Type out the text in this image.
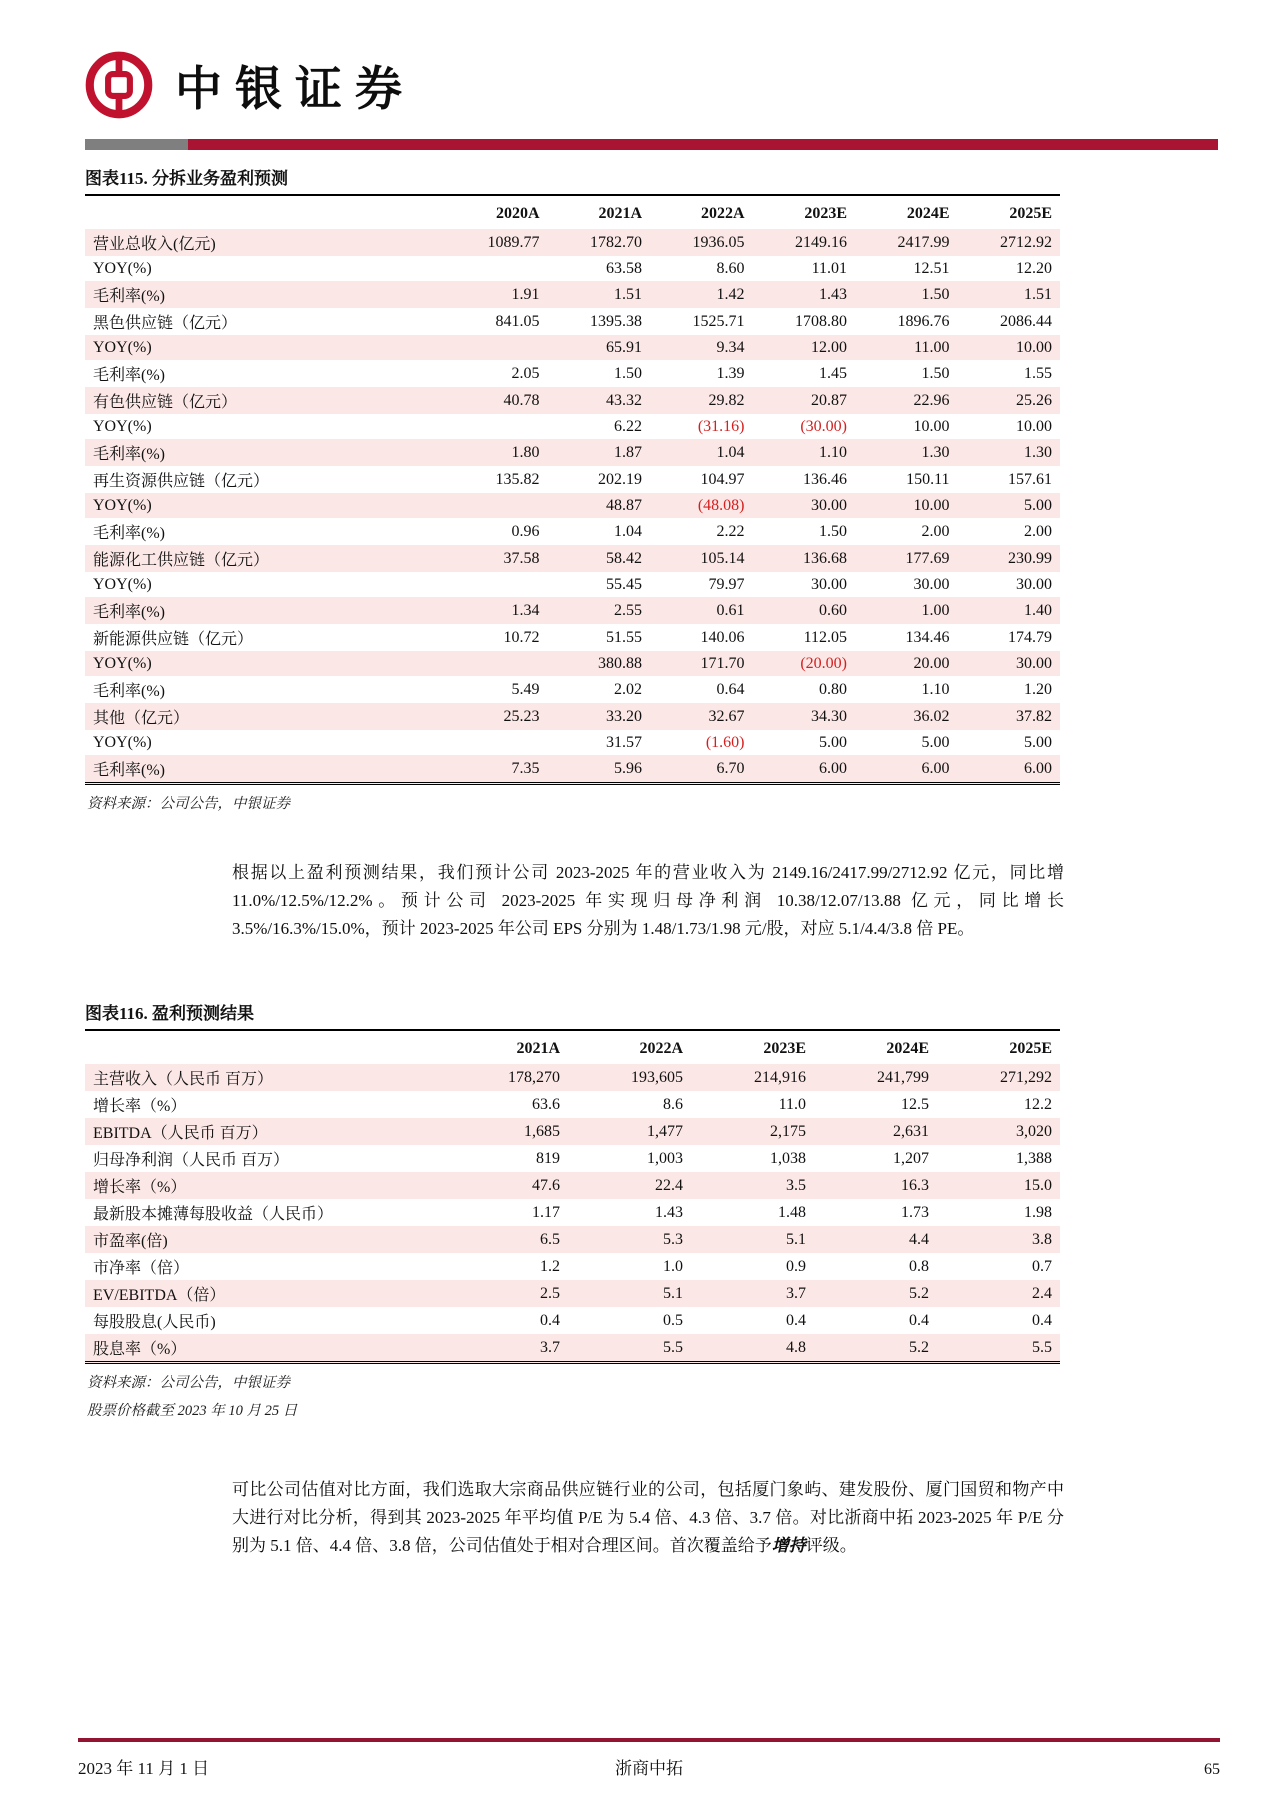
中银证券
图表115. 分拆业务盈利预测
	2020A	2021A	2022A	2023E	2024E	2025E
营业总收入(亿元)	1089.77	1782.70	1936.05	2149.16	2417.99	2712.92
YOY(%)		63.58	8.60	11.01	12.51	12.20
毛利率(%)	1.91	1.51	1.42	1.43	1.50	1.51
黑色供应链（亿元）	841.05	1395.38	1525.71	1708.80	1896.76	2086.44
YOY(%)		65.91	9.34	12.00	11.00	10.00
毛利率(%)	2.05	1.50	1.39	1.45	1.50	1.55
有色供应链（亿元）	40.78	43.32	29.82	20.87	22.96	25.26
YOY(%)		6.22	(31.16)	(30.00)	10.00	10.00
毛利率(%)	1.80	1.87	1.04	1.10	1.30	1.30
再生资源供应链（亿元）	135.82	202.19	104.97	136.46	150.11	157.61
YOY(%)		48.87	(48.08)	30.00	10.00	5.00
毛利率(%)	0.96	1.04	2.22	1.50	2.00	2.00
能源化工供应链（亿元）	37.58	58.42	105.14	136.68	177.69	230.99
YOY(%)		55.45	79.97	30.00	30.00	30.00
毛利率(%)	1.34	2.55	0.61	0.60	1.00	1.40
新能源供应链（亿元）	10.72	51.55	140.06	112.05	134.46	174.79
YOY(%)		380.88	171.70	(20.00)	20.00	30.00
毛利率(%)	5.49	2.02	0.64	0.80	1.10	1.20
其他（亿元）	25.23	33.20	32.67	34.30	36.02	37.82
YOY(%)		31.57	(1.60)	5.00	5.00	5.00
毛利率(%)	7.35	5.96	6.70	6.00	6.00	6.00
资料来源：公司公告，中银证券
根据以上盈利预测结果，我们预计公司 2023-2025 年的营业收入为 2149.16/2417.99/2712.92 亿元，同比增 11.0%/12.5%/12.2%。预计公司 2023-2025 年实现归母净利润 10.38/12.07/13.88 亿元，同比增长 3.5%/16.3%/15.0%，预计 2023-2025 年公司 EPS 分别为 1.48/1.73/1.98 元/股，对应 5.1/4.4/3.8 倍 PE。
图表116. 盈利预测结果
	2021A	2022A	2023E	2024E	2025E
主营收入（人民币 百万）	178,270	193,605	214,916	241,799	271,292
增长率（%）	63.6	8.6	11.0	12.5	12.2
EBITDA（人民币 百万）	1,685	1,477	2,175	2,631	3,020
归母净利润（人民币 百万）	819	1,003	1,038	1,207	1,388
增长率（%）	47.6	22.4	3.5	16.3	15.0
最新股本摊薄每股收益（人民币）	1.17	1.43	1.48	1.73	1.98
市盈率(倍)	6.5	5.3	5.1	4.4	3.8
市净率（倍）	1.2	1.0	0.9	0.8	0.7
EV/EBITDA（倍）	2.5	5.1	3.7	5.2	2.4
每股股息(人民币)	0.4	0.5	0.4	0.4	0.4
股息率（%）	3.7	5.5	4.8	5.2	5.5
资料来源：公司公告，中银证券
股票价格截至 2023 年 10 月 25 日
可比公司估值对比方面，我们选取大宗商品供应链行业的公司，包括厦门象屿、建发股份、厦门国贸和物产中大进行对比分析，得到其 2023-2025 年平均值 P/E 为 5.4 倍、4.3 倍、3.7 倍。对比浙商中拓 2023-2025 年 P/E 分别为 5.1 倍、4.4 倍、3.8 倍，公司估值处于相对合理区间。首次覆盖给予增持评级。
2023 年 11 月 1 日	浙商中拓	65
